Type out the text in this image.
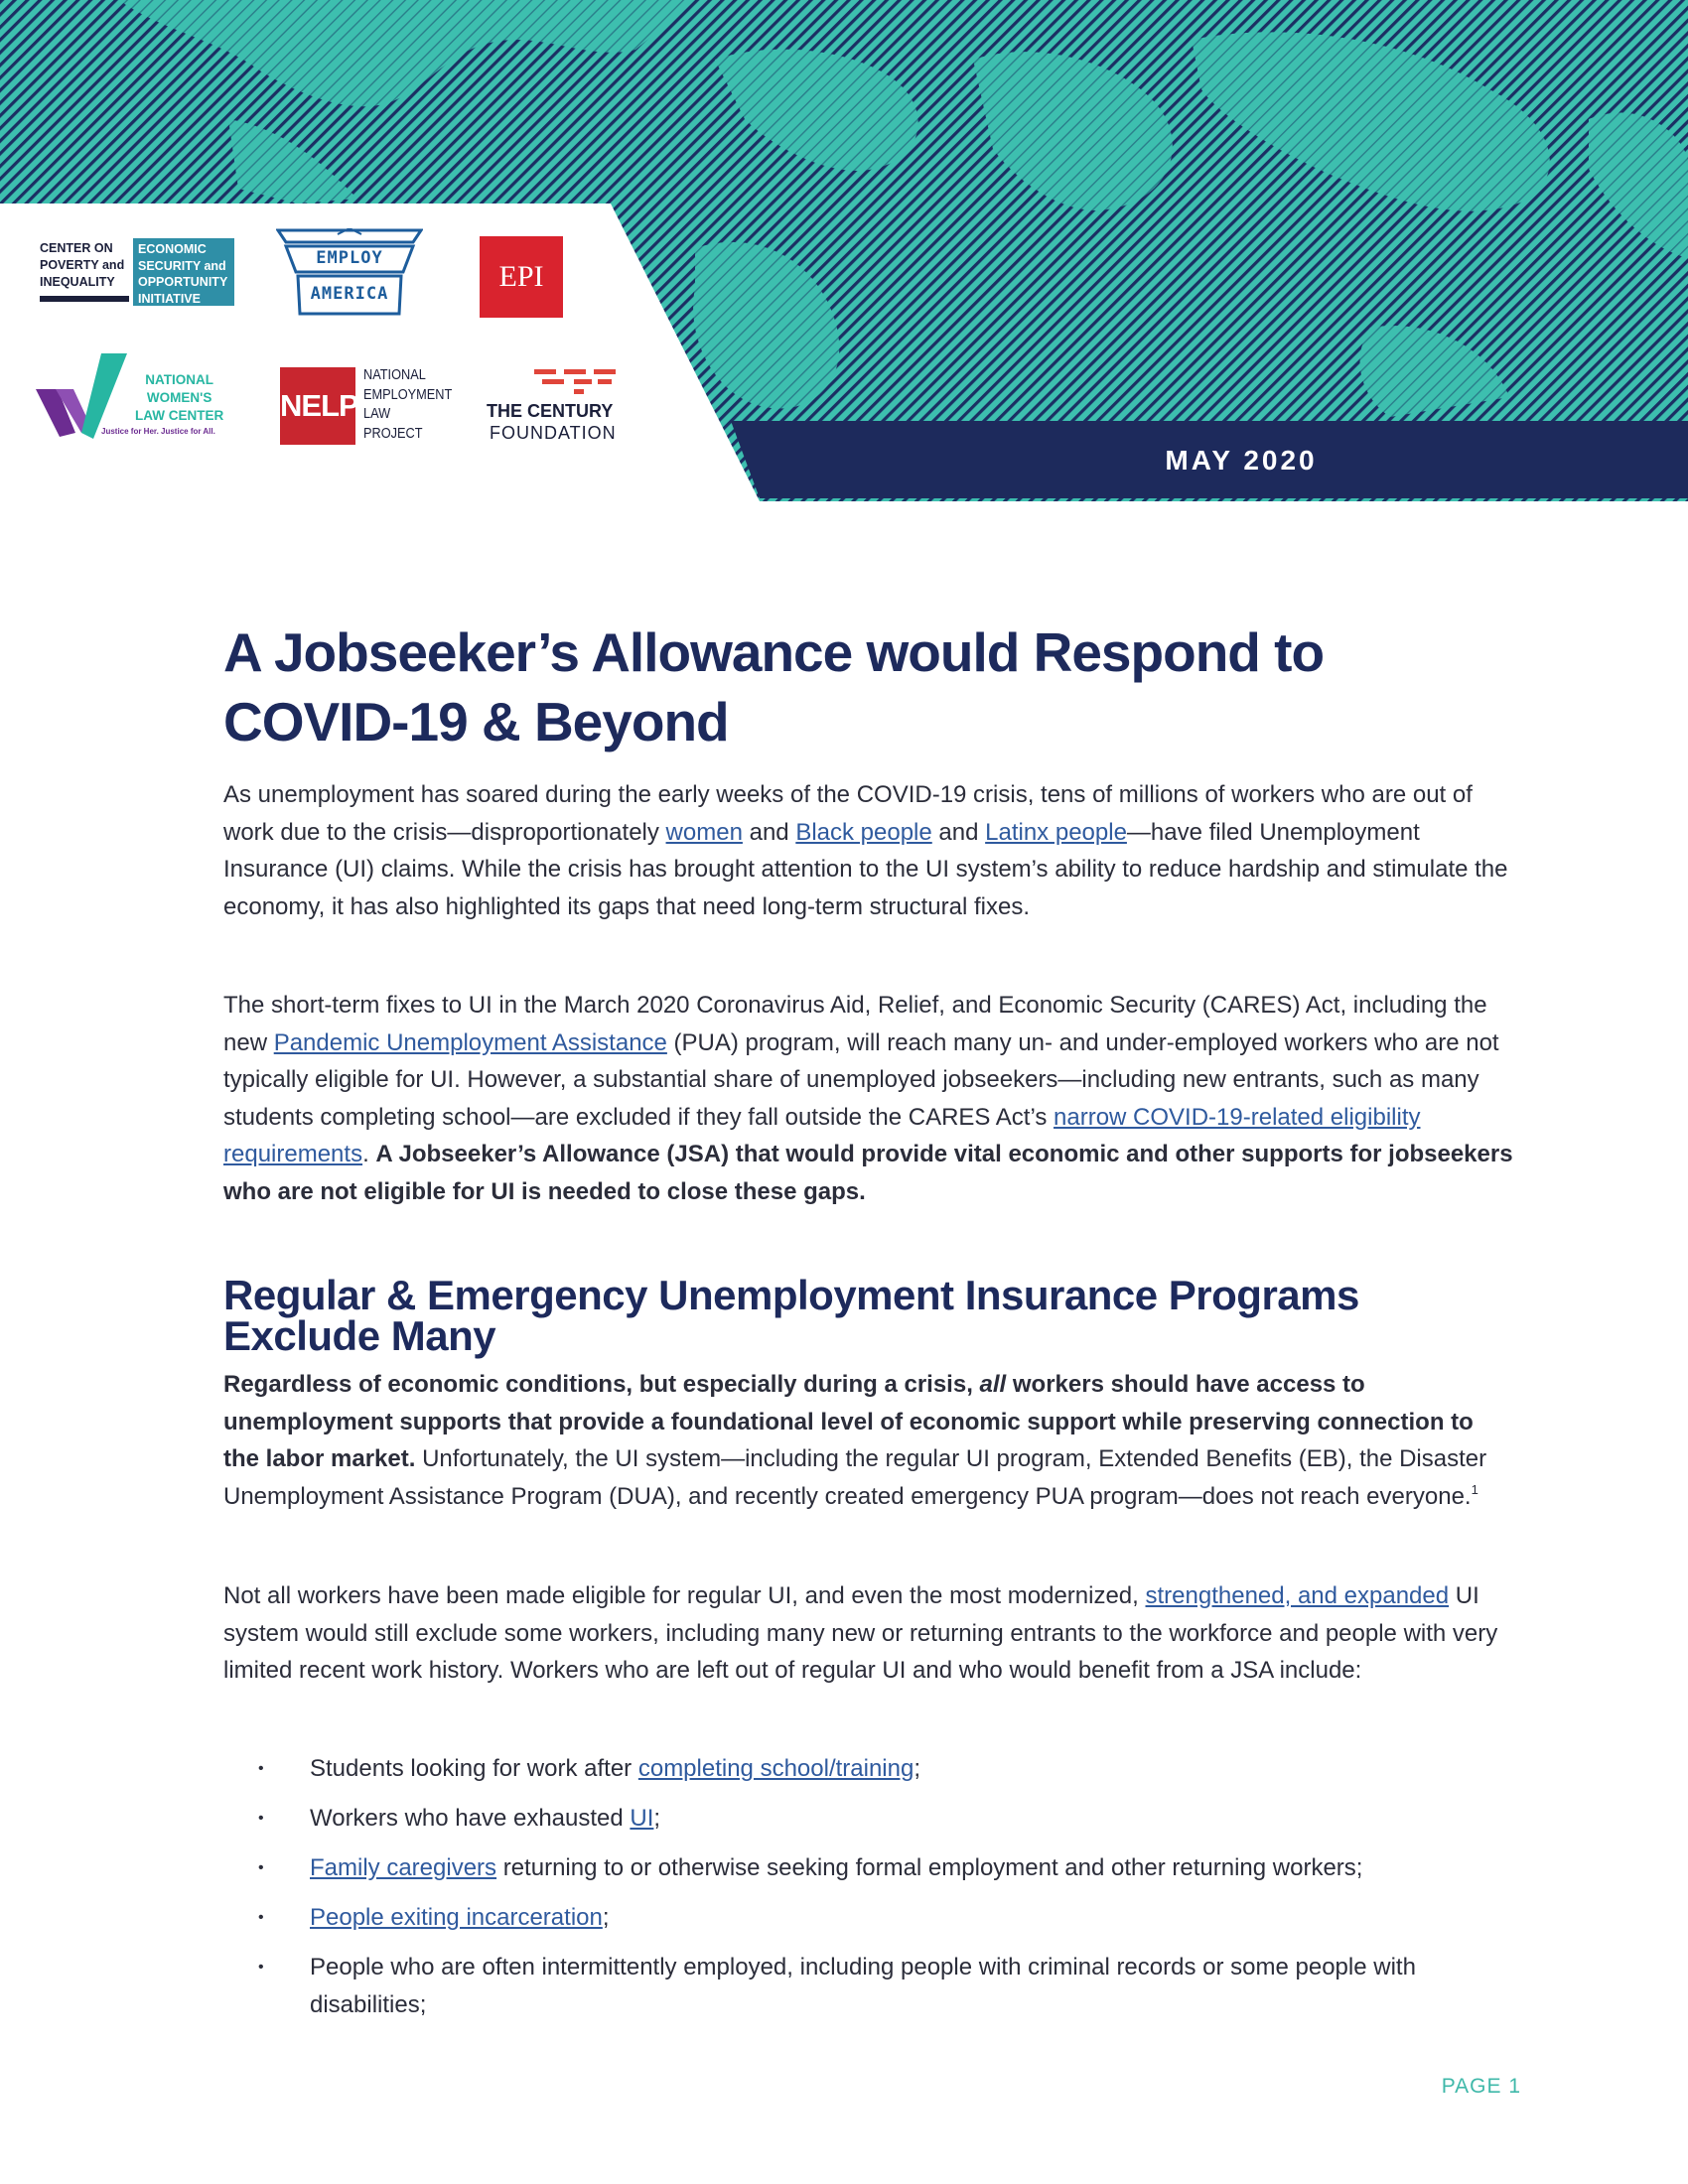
MAY 2020
CENTER ON
POVERTY and
INEQUALITY
ECONOMIC
SECURITY and
OPPORTUNITY
INITIATIVE
EMPLOY
AMERICA
EPI
NATIONAL
WOMEN'S
LAW CENTER
Justice for Her. Justice for All.
NELP
NATIONAL
EMPLOYMENT
LAW
PROJECT
THE CENTURY
FOUNDATION
A Jobseeker’s Allowance would Respond to
COVID-19 & Beyond

As unemployment has soared during the early weeks of the COVID-19 crisis, tens of millions of workers who are out of work due to the crisis—disproportionately women and Black people and Latinx people—have filed Unemployment Insurance (UI) claims. While the crisis has brought attention to the UI system’s ability to reduce hardship and stimulate the economy, it has also highlighted its gaps that need long-term structural fixes.

The short-term fixes to UI in the March 2020 Coronavirus Aid, Relief, and Economic Security (CARES) Act, including the new Pandemic Unemployment Assistance (PUA) program, will reach many un- and under-employed workers who are not typically eligible for UI. However, a substantial share of unemployed jobseekers—including new entrants, such as many students completing school—are excluded if they fall outside the CARES Act’s narrow COVID-19-related eligibility requirements. A Jobseeker’s Allowance (JSA) that would provide vital economic and other supports for jobseekers who are not eligible for UI is needed to close these gaps.

Regular & Emergency Unemployment Insurance Programs
Exclude Many

Regardless of economic conditions, but especially during a crisis, all workers should have access to unemployment supports that provide a foundational level of economic support while preserving connection to the labor market. Unfortunately, the UI system—including the regular UI program, Extended Benefits (EB), the Disaster Unemployment Assistance Program (DUA), and recently created emergency PUA program—does not reach everyone.$^1$

Not all workers have been made eligible for regular UI, and even the most modernized, strengthened, and expanded UI system would still exclude some workers, including many new or returning entrants to the workforce and people with very limited recent work history. Workers who are left out of regular UI and who would benefit from a JSA include:

• Students looking for work after completing school/training;
• Workers who have exhausted UI;
• Family caregivers returning to or otherwise seeking formal employment and other returning workers;
• People exiting incarceration;
• People who are often intermittently employed, including people with criminal records or some people with disabilities;
PAGE 1
